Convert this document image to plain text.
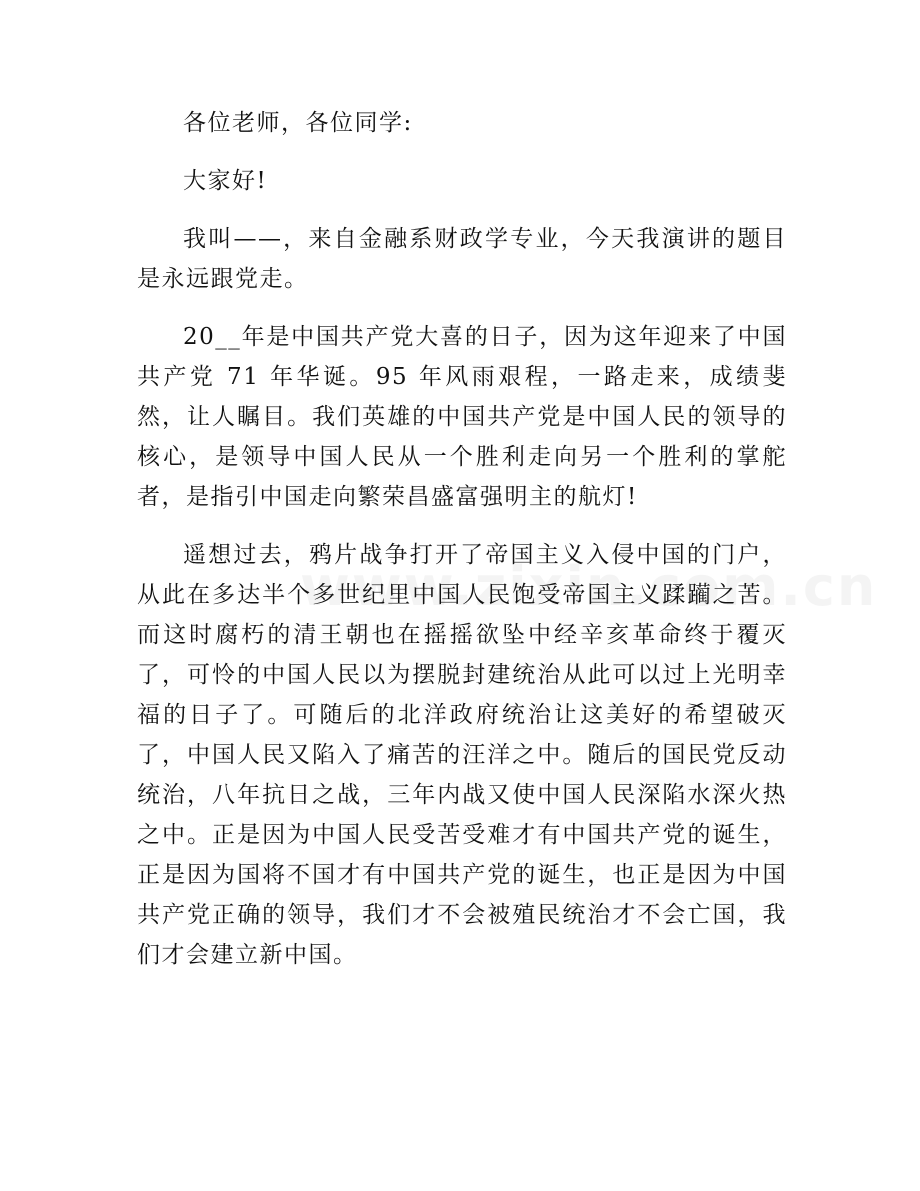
各位老师，各位同学:

大家好!

我叫——，来自金融系财政学专业，今天我演讲的题目是永远跟党走。

20__年是中国共产党大喜的日子，因为这年迎来了中国共产党 71 年华诞。95 年风雨艰程，一路走来，成绩斐然，让人瞩目。我们英雄的中国共产党是中国人民的领导的核心，是领导中国人民从一个胜利走向另一个胜利的掌舵者，是指引中国走向繁荣昌盛富强明主的航灯!

遥想过去，鸦片战争打开了帝国主义入侵中国的门户，从此在多达半个多世纪里中国人民饱受帝国主义蹂躏之苦。而这时腐朽的清王朝也在摇摇欲坠中经辛亥革命终于覆灭了，可怜的中国人民以为摆脱封建统治从此可以过上光明幸福的日子了。可随后的北洋政府统治让这美好的希望破灭了，中国人民又陷入了痛苦的汪洋之中。随后的国民党反动统治，八年抗日之战，三年内战又使中国人民深陷水深火热之中。正是因为中国人民受苦受难才有中国共产党的诞生，正是因为国将不国才有中国共产党的诞生，也正是因为中国共产党正确的领导，我们才不会被殖民统治才不会亡国，我们才会建立新中国。
